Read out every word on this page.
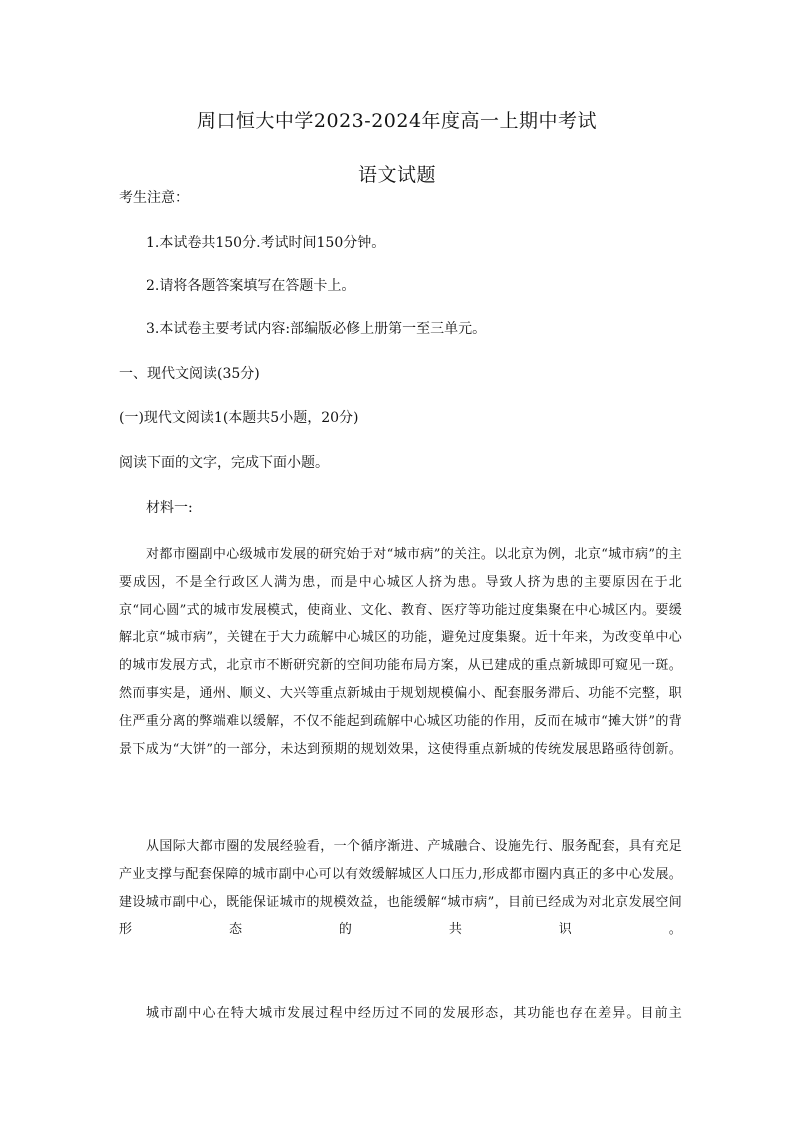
周口恒大中学2023-2024年度高一上期中考试
语文试题
考生注意：
1.本试卷共150分.考试时间150分钟。
2.请将各题答案填写在答题卡上。
3.本试卷主要考试内容:部编版必修上册第一至三单元。
一、现代文阅读(35分)
(一)现代文阅读1(本题共5小题，20分)
阅读下面的文字，完成下面小题。
材料一:
对都市圈副中心级城市发展的研究始于对“城市病”的关注。以北京为例，北京“城市病”的主要成因，不是全行政区人满为患，而是中心城区人挤为患。导致人挤为患的主要原因在于北京“同心圆”式的城市发展模式，使商业、文化、教育、医疗等功能过度集聚在中心城区内。要缓解北京“城市病”，关键在于大力疏解中心城区的功能，避免过度集聚。近十年来，为改变单中心的城市发展方式，北京市不断研究新的空间功能布局方案，从已建成的重点新城即可窥见一斑。然而事实是，通州、顺义、大兴等重点新城由于规划规模偏小、配套服务滞后、功能不完整，职住严重分离的弊端难以缓解，不仅不能起到疏解中心城区功能的作用，反而在城市“摊大饼”的背景下成为“大饼”的一部分，未达到预期的规划效果，这使得重点新城的传统发展思路亟待创新。
从国际大都市圈的发展经验看，一个循序渐进、产城融合、设施先行、服务配套，具有充足产业支撑与配套保障的城市副中心可以有效缓解城区人口压力,形成都市圈内真正的多中心发展。建设城市副中心，既能保证城市的规模效益，也能缓解“城市病”，目前已经成为对北京发展空间形态的共识。
城市副中心在特大城市发展过程中经历过不同的发展形态，其功能也存在差异。目前主
